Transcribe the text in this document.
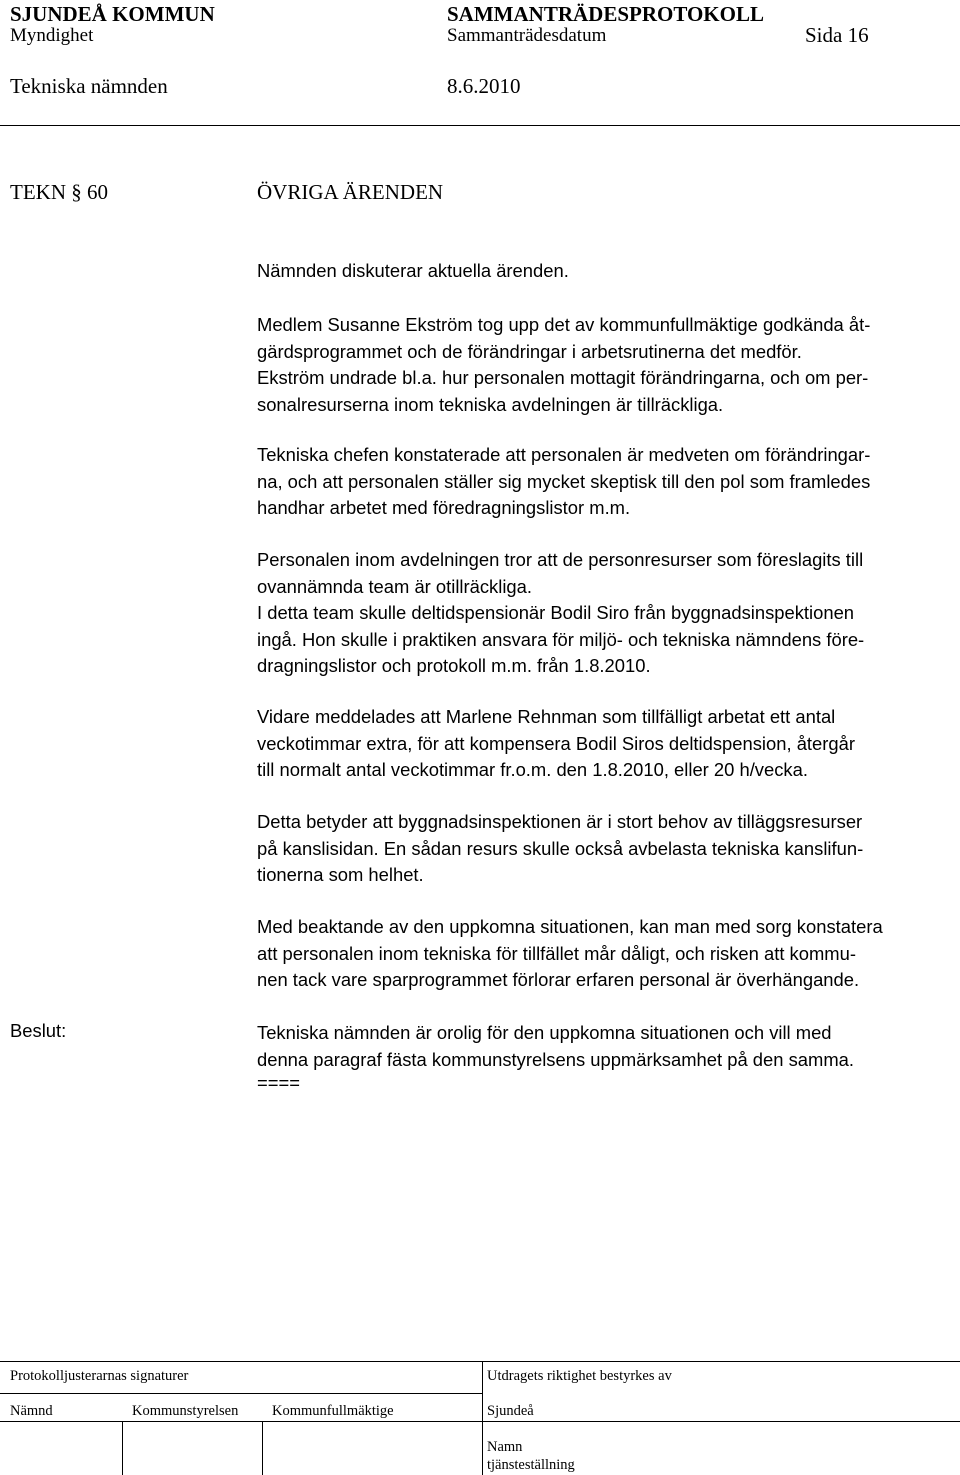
SJUNDEÅ KOMMUN	SAMMANTRÄDESPROTOKOLL
Myndighet	Sammanträdesdatum	Sida 16
Tekniska nämnden	8.6.2010
TEKN § 60	ÖVRIGA ÄRENDEN
Nämnden diskuterar aktuella ärenden.
Medlem Susanne Ekström tog upp det av kommunfullmäktige godkända åt-
gärdsprogrammet och de förändringar i arbetsrutinerna det medför.
Ekström undrade bl.a. hur personalen mottagit förändringarna, och om per-
sonalresurserna inom tekniska avdelningen är tillräckliga.
Tekniska chefen konstaterade att personalen är medveten om förändringar-
na, och att personalen ställer sig mycket skeptisk till den pol som framledes
handhar arbetet med föredragningslistor m.m.
Personalen inom avdelningen tror att de personresurser som föreslagits till
ovannämnda team är otillräckliga.
I detta team skulle deltidspensionär Bodil Siro från byggnadsinspektionen
ingå. Hon skulle i praktiken ansvara för miljö- och tekniska nämndens före-
dragningslistor och protokoll m.m. från 1.8.2010.
Vidare meddelades att Marlene Rehnman som tillfälligt arbetat ett antal
veckotimmar extra, för att kompensera Bodil Siros deltidspension, återgår
till normalt antal veckotimmar fr.o.m. den 1.8.2010, eller 20 h/vecka.
Detta betyder att byggnadsinspektionen är i stort behov av tilläggsresurser
på kanslisidan. En sådan resurs skulle också avbelasta tekniska kanslifun-
tionerna som helhet.
Med beaktande av den uppkomna situationen, kan man med sorg konstatera
att personalen inom tekniska för tillfället mår dåligt, och risken att kommu-
nen tack vare sparprogrammet förlorar erfaren personal är överhängande.
Beslut:	Tekniska nämnden är orolig för den uppkomna situationen och vill med
denna paragraf fästa kommunstyrelsens uppmärksamhet på den samma.
====
Protokolljusterarnas signaturer	Utdragets riktighet bestyrkes av
Nämnd	Kommunstyrelsen Kommunfullmäktige	Sjundeå
Namn
tjänsteställning
